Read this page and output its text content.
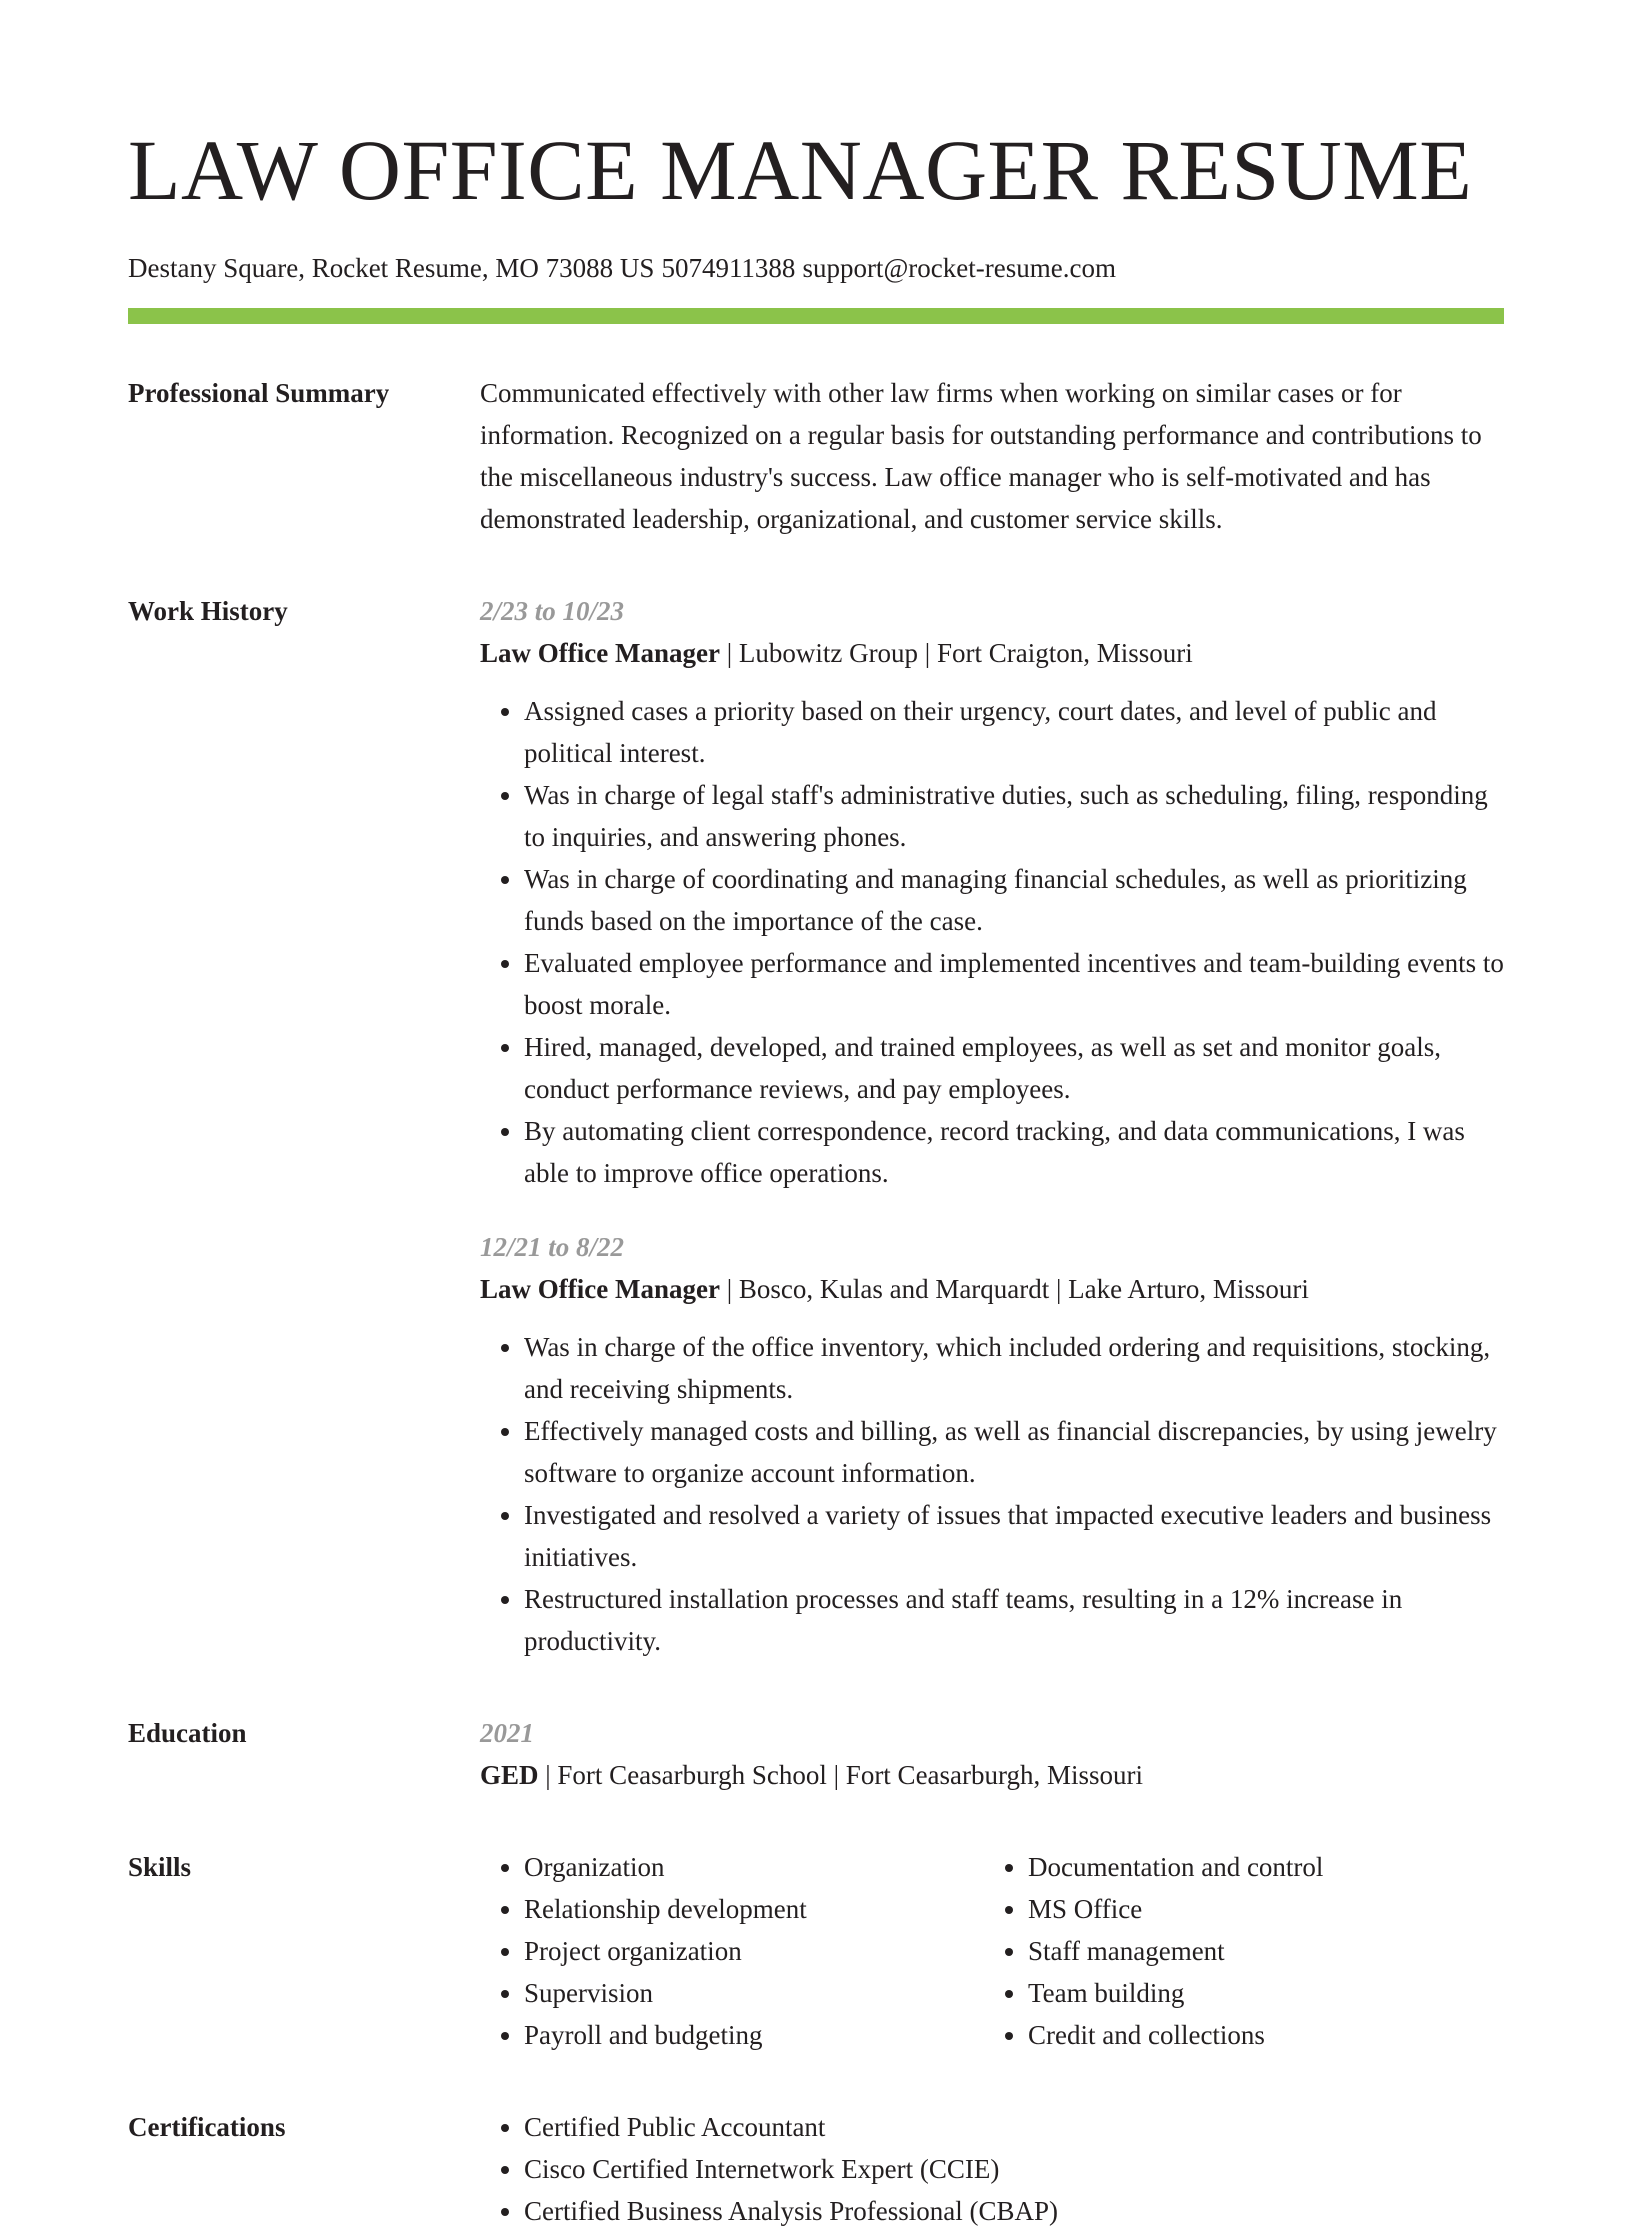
LAW OFFICE MANAGER RESUME
Destany Square, Rocket Resume, MO 73088 US 5074911388 support@rocket-resume.com
Professional Summary	Communicated effectively with other law firms when working on similar cases or for information. Recognized on a regular basis for outstanding performance and contributions to the miscellaneous industry's success. Law office manager who is self-motivated and has demonstrated leadership, organizational, and customer service skills.

Work History	2/23 to 10/23
Law Office Manager | Lubowitz Group | Fort Craigton, Missouri
• Assigned cases a priority based on their urgency, court dates, and level of public and political interest.
• Was in charge of legal staff's administrative duties, such as scheduling, filing, responding to inquiries, and answering phones.
• Was in charge of coordinating and managing financial schedules, as well as prioritizing funds based on the importance of the case.
• Evaluated employee performance and implemented incentives and team-building events to boost morale.
• Hired, managed, developed, and trained employees, as well as set and monitor goals, conduct performance reviews, and pay employees.
• By automating client correspondence, record tracking, and data communications, I was able to improve office operations.
12/21 to 8/22
Law Office Manager | Bosco, Kulas and Marquardt | Lake Arturo, Missouri
• Was in charge of the office inventory, which included ordering and requisitions, stocking, and receiving shipments.
• Effectively managed costs and billing, as well as financial discrepancies, by using jewelry software to organize account information.
• Investigated and resolved a variety of issues that impacted executive leaders and business initiatives.
• Restructured installation processes and staff teams, resulting in a 12% increase in productivity.
Education	2021
GED | Fort Ceasarburgh School | Fort Ceasarburgh, Missouri
Skills	• Organization
• Relationship development
• Project organization
• Supervision
• Payroll and budgeting
• Documentation and control
• MS Office
• Staff management
• Team building
• Credit and collections
Certifications	• Certified Public Accountant
• Cisco Certified Internetwork Expert (CCIE)
• Certified Business Analysis Professional (CBAP)
